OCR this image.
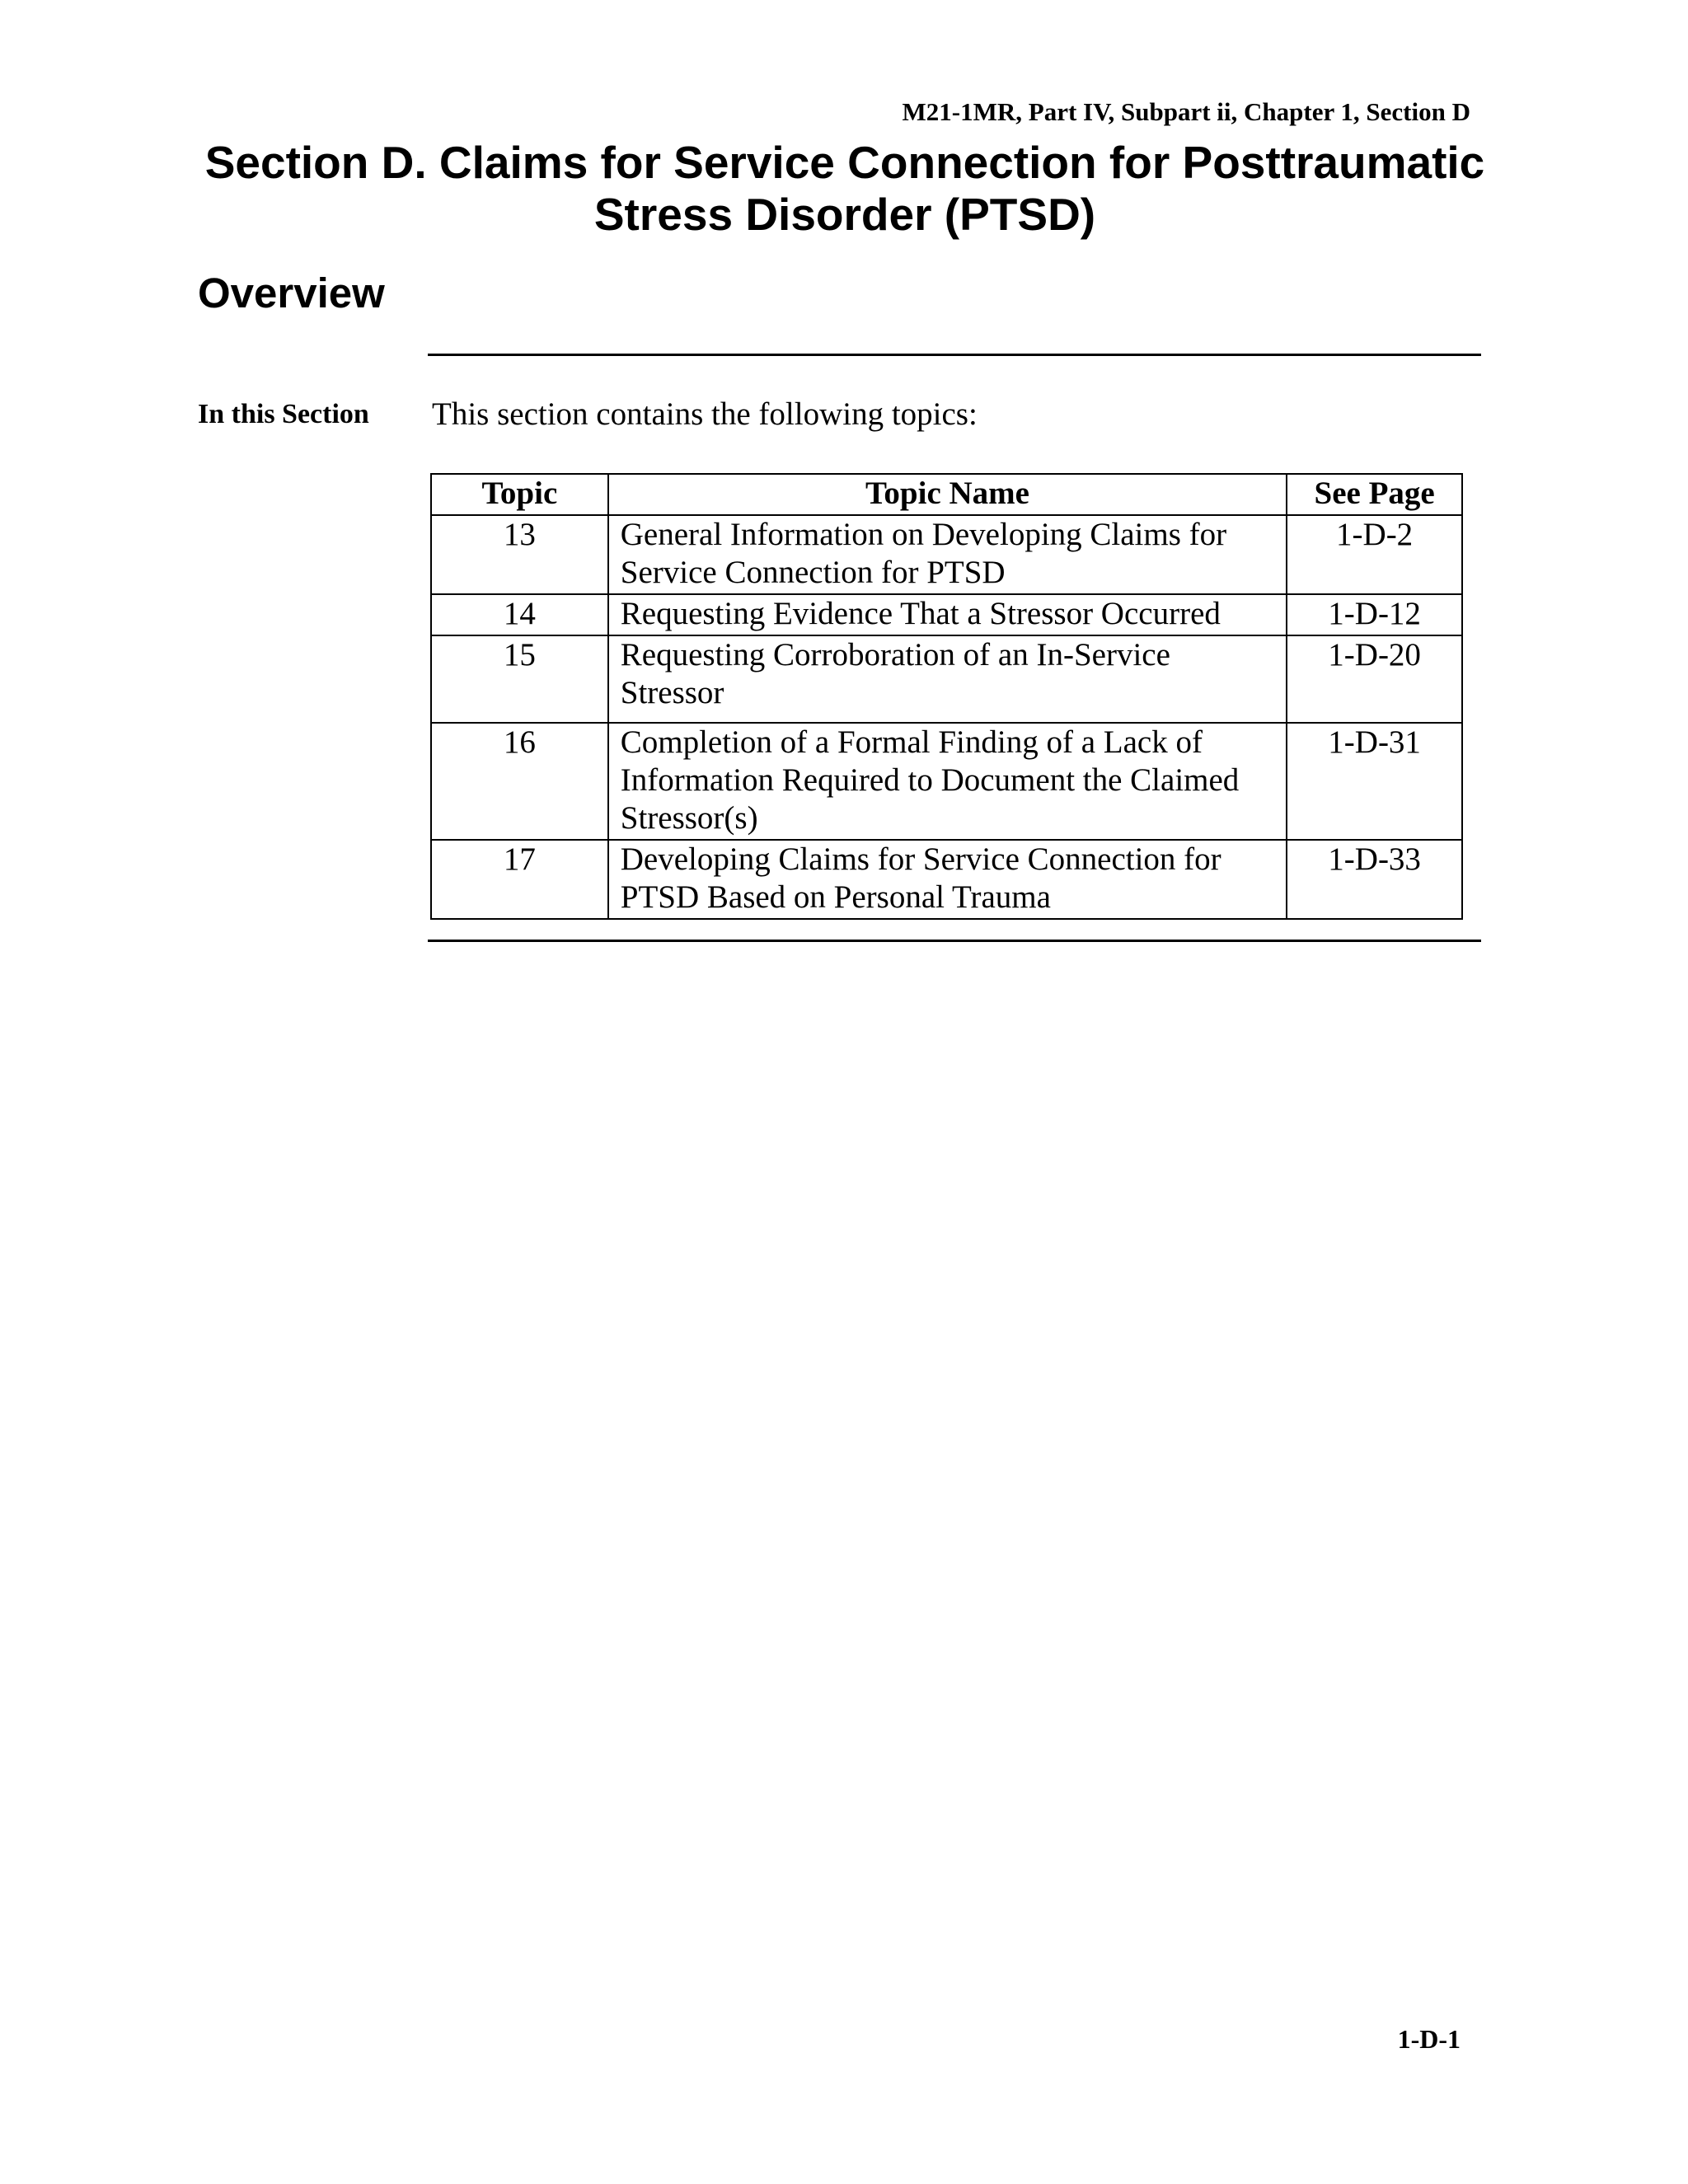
M21-1MR, Part IV, Subpart ii, Chapter 1, Section D
Section D. Claims for Service Connection for Posttraumatic
Stress Disorder (PTSD)
Overview
In this Section This section contains the following topics:
Topic	Topic Name	See Page
13	General Information on Developing Claims for Service Connection for PTSD	1-D-2
14	Requesting Evidence That a Stressor Occurred	1-D-12
15	Requesting Corroboration of an In-Service Stressor	1-D-20
16	Completion of a Formal Finding of a Lack of Information Required to Document the Claimed Stressor(s)	1-D-31
17	Developing Claims for Service Connection for PTSD Based on Personal Trauma	1-D-33
1-D-1
